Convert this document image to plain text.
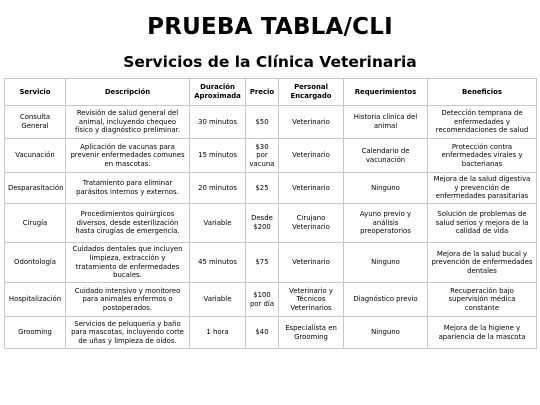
PRUEBA TABLA/CLI
Servicios de la Clínica Veterinaria
Servicio	Descripción	Duración Aproximada	Precio	Personal Encargado	Requerimientos	Beneficios
Consulta General	Revisión de salud general del animal, incluyendo chequeo físico y diagnóstico preliminar.	30 minutos	$50	Veterinario	Historia clínica del animal	Detección temprana de enfermedades y recomendaciones de salud
Vacunación	Aplicación de vacunas para prevenir enfermedades comunes en mascotas.	15 minutos	$30 por vacuna	Veterinario	Calendario de vacunación	Protección contra enfermedades virales y bacterianas
Desparasitación	Tratamiento para eliminar parásitos internos y externos.	20 minutos	$25	Veterinario	Ninguno	Mejora de la salud digestiva y prevención de enfermedades parasitarias
Cirugía	Procedimientos quirúrgicos diversos, desde esterilización hasta cirugías de emergencia.	Variable	Desde $200	Cirujano Veterinario	Ayuno previo y análisis preoperatorios	Solución de problemas de salud serios y mejora de la calidad de vida
Odontología	Cuidados dentales que incluyen limpieza, extracción y tratamiento de enfermedades bucales.	45 minutos	$75	Veterinario	Ninguno	Mejora de la salud bucal y prevención de enfermedades dentales
Hospitalización	Cuidado intensivo y monitoreo para animales enfermos o postoperados.	Variable	$100 por día	Veterinario y Técnicos Veterinarios	Diagnóstico previo	Recuperación bajo supervisión médica constante
Grooming	Servicios de peluquería y baño para mascotas, incluyendo corte de uñas y limpieza de oídos.	1 hora	$40	Especialista en Grooming	Ninguno	Mejora de la higiene y apariencia de la mascota
